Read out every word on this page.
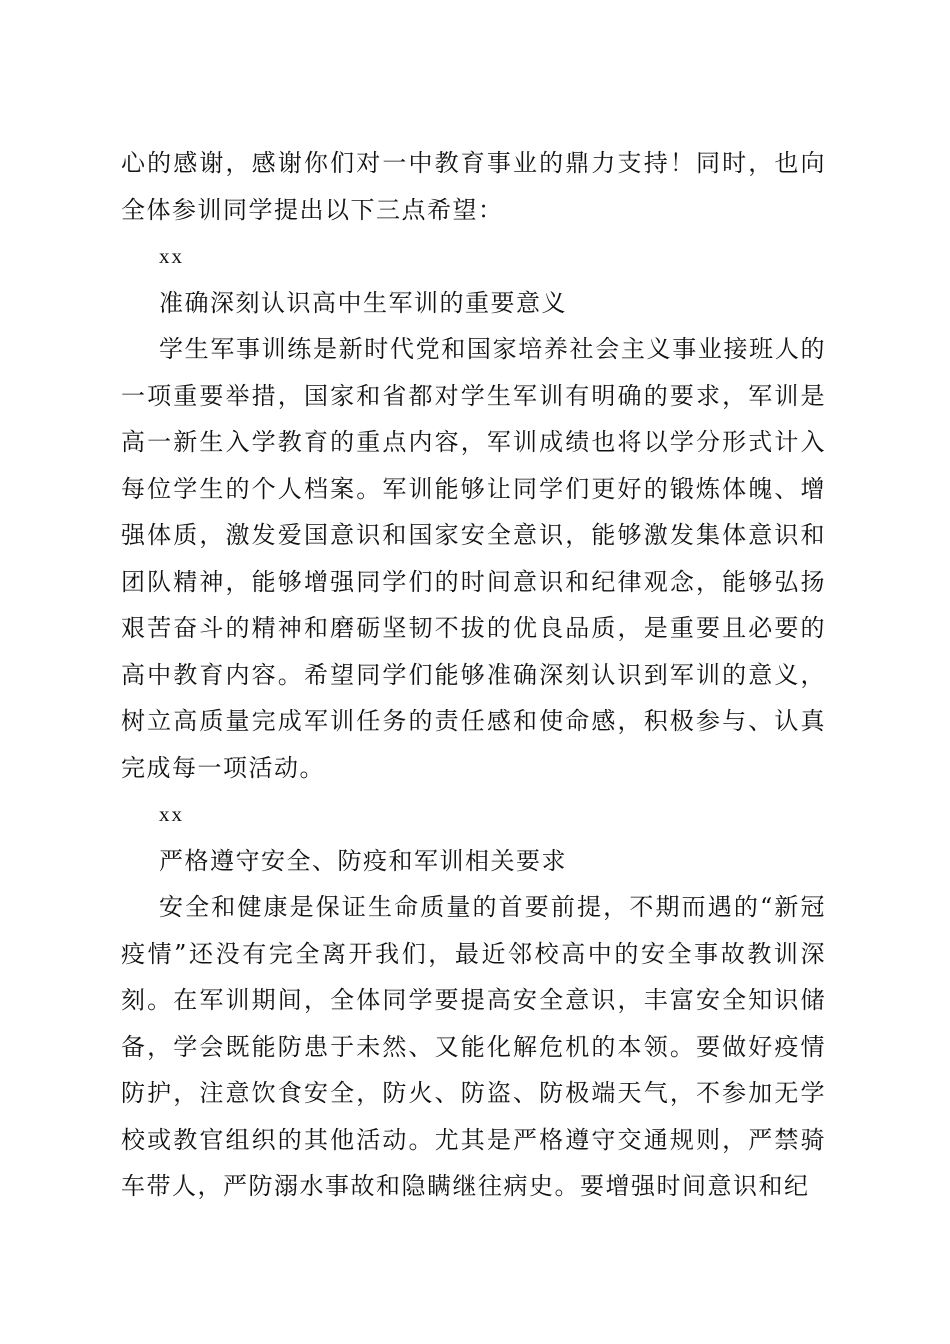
心的感谢，感谢你们对一中教育事业的鼎力支持！同时，也向全体参训同学提出以下三点希望：

xx

准确深刻认识高中生军训的重要意义

学生军事训练是新时代党和国家培养社会主义事业接班人的一项重要举措，国家和省都对学生军训有明确的要求，军训是高一新生入学教育的重点内容，军训成绩也将以学分形式计入每位学生的个人档案。军训能够让同学们更好的锻炼体魄、增强体质，激发爱国意识和国家安全意识，能够激发集体意识和团队精神，能够增强同学们的时间意识和纪律观念，能够弘扬艰苦奋斗的精神和磨砺坚韧不拔的优良品质，是重要且必要的高中教育内容。希望同学们能够准确深刻认识到军训的意义，树立高质量完成军训任务的责任感和使命感，积极参与、认真完成每一项活动。

xx

严格遵守安全、防疫和军训相关要求

安全和健康是保证生命质量的首要前提，不期而遇的“新冠疫情”还没有完全离开我们，最近邻校高中的安全事故教训深刻。在军训期间，全体同学要提高安全意识，丰富安全知识储备，学会既能防患于未然、又能化解危机的本领。要做好疫情防护，注意饮食安全，防火、防盗、防极端天气，不参加无学校或教官组织的其他活动。尤其是严格遵守交通规则，严禁骑车带人，严防溺水事故和隐瞒继往病史。要增强时间意识和纪
